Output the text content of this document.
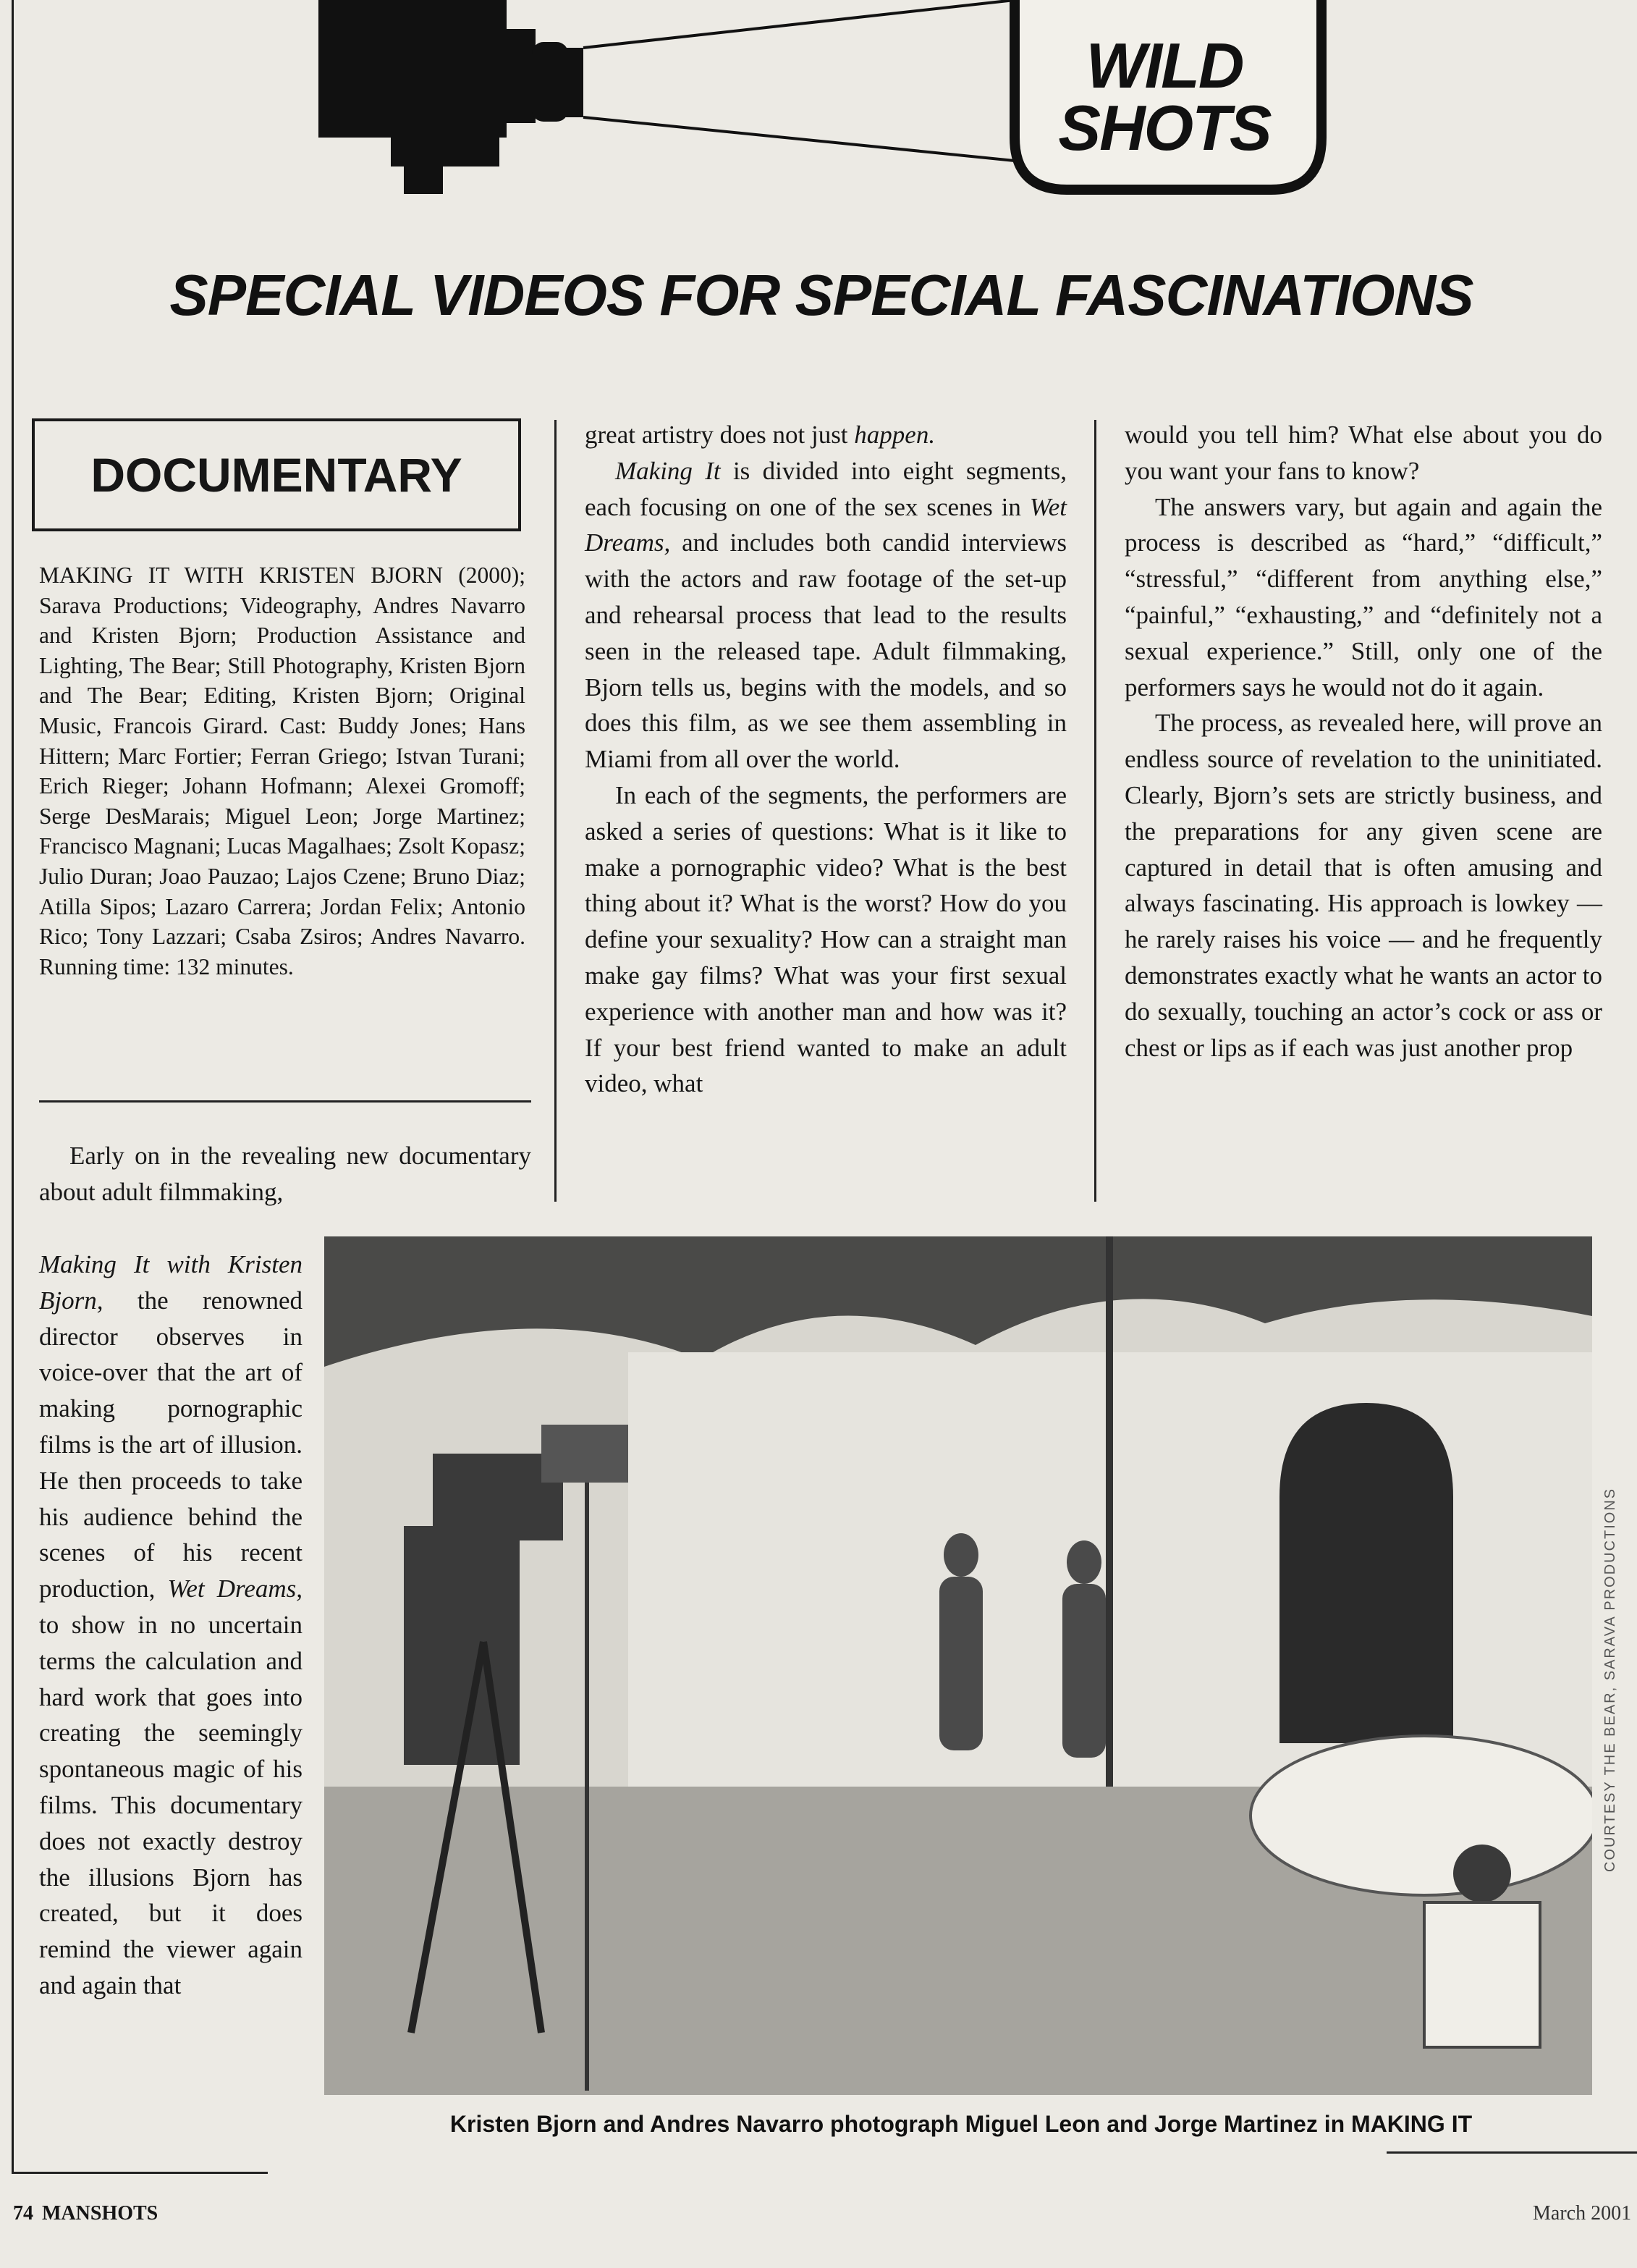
WILD
SHOTS
SPECIAL VIDEOS FOR SPECIAL FASCINATIONS
DOCUMENTARY
MAKING IT WITH KRISTEN BJORN (2000); Sarava Productions; Videography, Andres Navarro and Kristen Bjorn; Production Assistance and Lighting, The Bear; Still Photography, Kristen Bjorn and The Bear; Editing, Kristen Bjorn; Original Music, Francois Girard. Cast: Buddy Jones; Hans Hittern; Marc Fortier; Ferran Griego; Istvan Turani; Erich Rieger; Johann Hofmann; Alexei Gromoff; Serge DesMarais; Miguel Leon; Jorge Martinez; Francisco Magnani; Lucas Magalhaes; Zsolt Kopasz; Julio Duran; Joao Pauzao; Lajos Czene; Bruno Diaz; Atilla Sipos; Lazaro Carrera; Jordan Felix; Antonio Rico; Tony Lazzari; Csaba Zsiros; Andres Navarro. Running time: 132 minutes.

Early on in the revealing new documentary about adult filmmaking,

Making It with Kristen Bjorn, the renowned director observes in voice-over that the art of making pornographic films is the art of illusion. He then proceeds to take his audience behind the scenes of his recent production, Wet Dreams, to show in no uncertain terms the calculation and hard work that goes into creating the seemingly spontaneous magic of his films. This documentary does not exactly destroy the illusions Bjorn has created, but it does remind the viewer again and again that

great artistry does not just happen.

Making It is divided into eight segments, each focusing on one of the sex scenes in Wet Dreams, and includes both candid interviews with the actors and raw footage of the set-up and rehearsal process that lead to the results seen in the released tape. Adult filmmaking, Bjorn tells us, begins with the models, and so does this film, as we see them assembling in Miami from all over the world.

In each of the segments, the performers are asked a series of questions: What is it like to make a pornographic video? What is the best thing about it? What is the worst? How do you define your sexuality? How can a straight man make gay films? What was your first sexual experience with another man and how was it? If your best friend wanted to make an adult video, what

would you tell him? What else about you do you want your fans to know?

The answers vary, but again and again the process is described as “hard,” “difficult,” “stressful,” “different from anything else,” “painful,” “exhausting,” and “definitely not a sexual experience.” Still, only one of the performers says he would not do it again.

The process, as revealed here, will prove an endless source of revelation to the uninitiated. Clearly, Bjorn’s sets are strictly business, and the preparations for any given scene are captured in detail that is often amusing and always fascinating. His approach is lowkey — he rarely raises his voice — and he frequently demonstrates exactly what he wants an actor to do sexually, touching an actor’s cock or ass or chest or lips as if each was just another prop

COURTESY THE BEAR, SARAVA PRODUCTIONS
Kristen Bjorn and Andres Navarro photograph Miguel Leon and Jorge Martinez in MAKING IT
74 MANSHOTS	March 2001
